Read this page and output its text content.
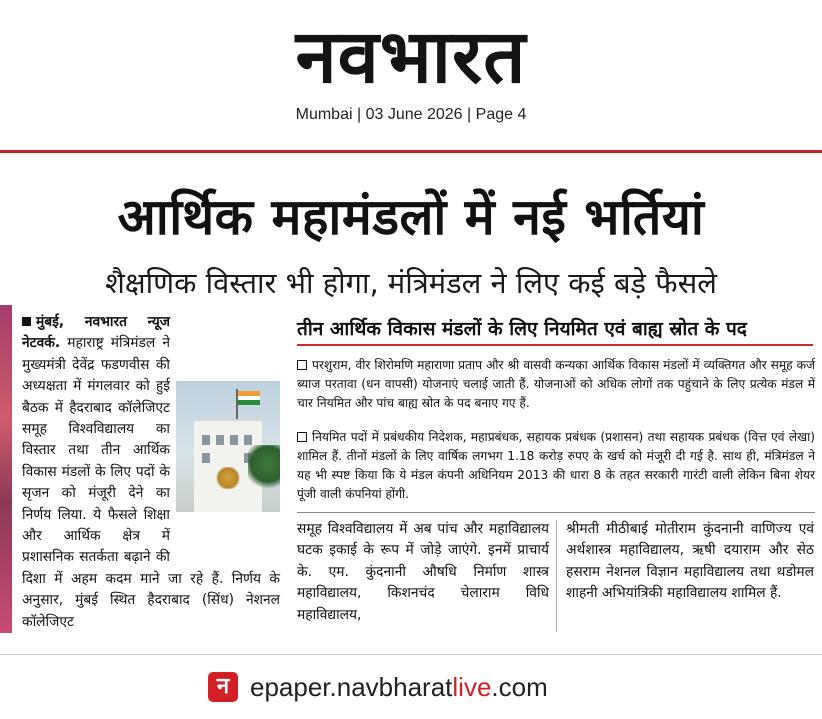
नवभारत
Mumbai | 03 June 2026 | Page 4
आर्थिक महामंडलों में नई भर्तियां
शैक्षणिक विस्तार भी होगा, मंत्रिमंडल ने लिए कई बड़े फैसले
मुंबई, नवभारत न्यूज नेटवर्क. महाराष्ट्र मंत्रिमंडल ने मुख्यमंत्री देवेंद्र फडणवीस की अध्यक्षता में मंगलवार को हुई बैठक में हैदराबाद कॉलेजिएट समूह विश्वविद्यालय का विस्तार तथा तीन आर्थिक विकास मंडलों के लिए पदों के सृजन को मंजूरी देने का निर्णय लिया. ये फैसले शिक्षा और आर्थिक क्षेत्र में प्रशासनिक सतर्कता बढ़ाने की दिशा में अहम कदम माने जा रहे हैं. निर्णय के अनुसार, मुंबई स्थित हैदराबाद (सिंध) नेशनल कॉलेजिएट
तीन आर्थिक विकास मंडलों के लिए नियमित एवं बाह्य स्रोत के पद
परशुराम, वीर शिरोमणि महाराणा प्रताप और श्री वासवी कन्यका आर्थिक विकास मंडलों में व्यक्तिगत और समूह कर्ज ब्याज परतावा (धन वापसी) योजनाएं चलाई जाती हैं. योजनाओं को अधिक लोगों तक पहुंचाने के लिए प्रत्येक मंडल में चार नियमित और पांच बाह्य स्रोत के पद बनाए गए हैं.
नियमित पदों में प्रबंधकीय निदेशक, महाप्रबंधक, सहायक प्रबंधक (प्रशासन) तथा सहायक प्रबंधक (वित्त एवं लेखा) शामिल हैं. तीनों मंडलों के लिए वार्षिक लगभग 1.18 करोड़ रुपए के खर्च को मंजूरी दी गई है. साथ ही, मंत्रिमंडल ने यह भी स्पष्ट किया कि ये मंडल कंपनी अधिनियम 2013 की धारा 8 के तहत सरकारी गारंटी वाली लेकिन बिना शेयर पूंजी वाली कंपनियां होंगी.
समूह विश्वविद्यालय में अब पांच और महाविद्यालय घटक इकाई के रूप में जोड़े जाएंगे. इनमें प्राचार्य के. एम. कुंदनानी औषधि निर्माण शास्त्र महाविद्यालय, किशनचंद चेलाराम विधि महाविद्यालय,
श्रीमती मीठीबाई मोतीराम कुंदनानी वाणिज्य एवं अर्थशास्त्र महाविद्यालय, ऋषी दयाराम और सेठ हसराम नेशनल विज्ञान महाविद्यालय तथा थडोमल शाहनी अभियांत्रिकी महाविद्यालय शामिल हैं.
न epaper.navbharatlive.com
